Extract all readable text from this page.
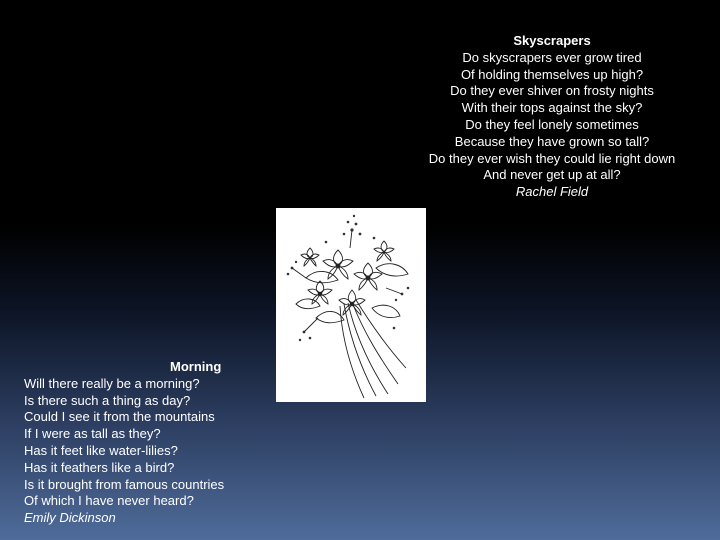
Skyscrapers
Do skyscrapers ever grow tired
Of holding themselves up high?
Do they ever shiver on frosty nights
With their tops against the sky?
Do they feel lonely sometimes
Because they have grown so tall?
Do they ever wish they could lie right down
And never get up at all?
Rachel Field
Morning
Will there really be a morning?
Is there such a thing as day?
Could I see it from the mountains
If I were as tall as they?
Has it feet like water-lilies?
Has it feathers like a bird?
Is it brought from famous countries
Of which I have never heard?
Emily Dickinson
